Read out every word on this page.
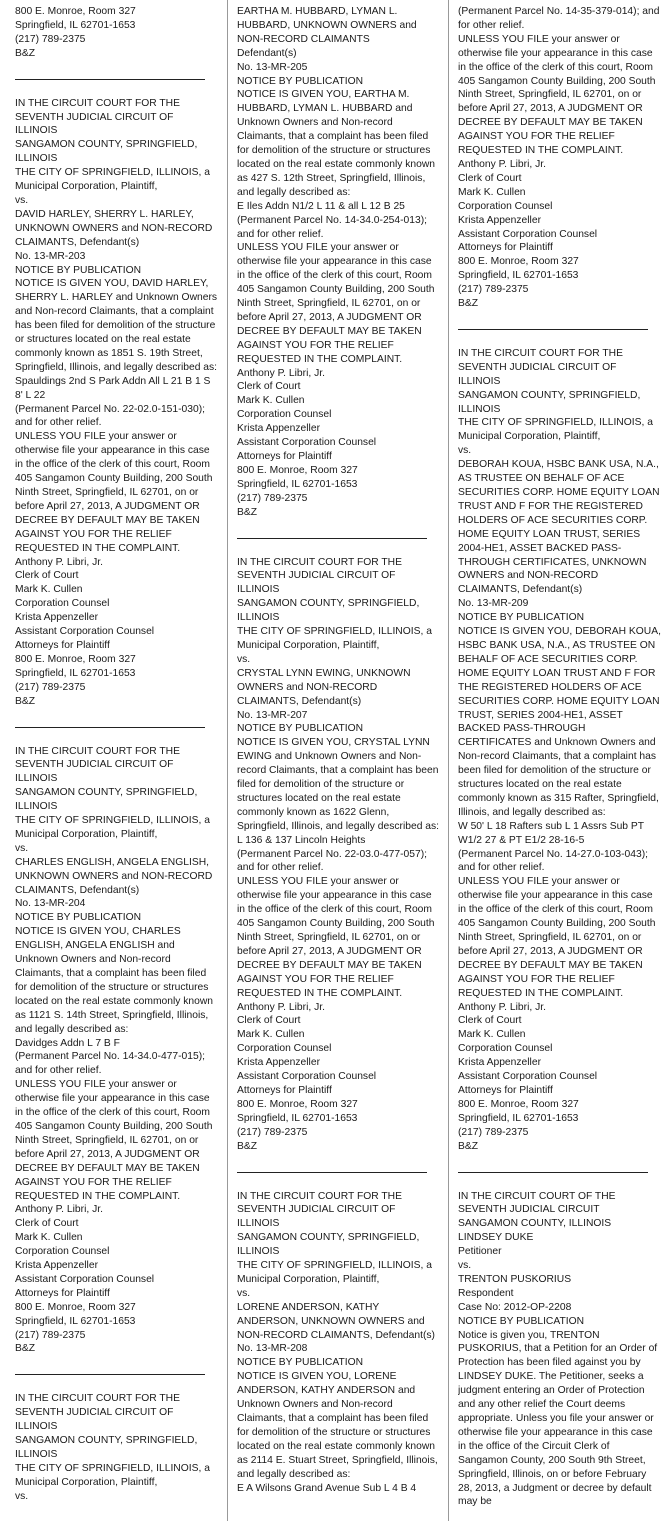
800 E. Monroe, Room 327

Springfield, IL 62701-1653

(217) 789-2375

B&Z

IN THE CIRCUIT COURT FOR THE SEVENTH JUDICIAL CIRCUIT OF ILLINOIS

SANGAMON COUNTY, SPRINGFIELD, ILLINOIS

THE CITY OF SPRINGFIELD, ILLINOIS, a Municipal Corporation, Plaintiff,

vs.

DAVID HARLEY, SHERRY L. HARLEY, UNKNOWN OWNERS and NON-RECORD CLAIMANTS, Defendant(s)

No. 13-MR-203

NOTICE BY PUBLICATION

NOTICE IS GIVEN YOU, DAVID HARLEY, SHERRY L. HARLEY and Unknown Owners and Non-record Claimants, that a complaint has been filed for demolition of the structure or structures located on the real estate commonly known as 1851 S. 19th Street, Springfield, Illinois, and legally described as:

Spauldings 2nd S Park Addn All L 21 B 1 S 8' L 22

(Permanent Parcel No. 22-02.0-151-030); and for other relief.

UNLESS YOU FILE your answer or otherwise file your appearance in this case in the office of the clerk of this court, Room 405 Sangamon County Building, 200 South Ninth Street, Springfield, IL 62701, on or before April 27, 2013, A JUDGMENT OR DECREE BY DEFAULT MAY BE TAKEN AGAINST YOU FOR THE RELIEF REQUESTED IN THE COMPLAINT.

Anthony P. Libri, Jr.

Clerk of Court

Mark K. Cullen

Corporation Counsel

Krista Appenzeller

Assistant Corporation Counsel

Attorneys for Plaintiff

800 E. Monroe, Room 327

Springfield, IL 62701-1653

(217) 789-2375

B&Z

IN THE CIRCUIT COURT FOR THE SEVENTH JUDICIAL CIRCUIT OF ILLINOIS

SANGAMON COUNTY, SPRINGFIELD, ILLINOIS

THE CITY OF SPRINGFIELD, ILLINOIS, a Municipal Corporation, Plaintiff,

vs.

CHARLES ENGLISH, ANGELA ENGLISH, UNKNOWN OWNERS and NON-RECORD CLAIMANTS, Defendant(s)

No. 13-MR-204

NOTICE BY PUBLICATION

NOTICE IS GIVEN YOU, CHARLES ENGLISH, ANGELA ENGLISH and Unknown Owners and Non-record Claimants, that a complaint has been filed for demolition of the structure or structures located on the real estate commonly known as 1121 S. 14th Street, Springfield, Illinois, and legally described as:

Davidges Addn L 7 B F

(Permanent Parcel No. 14-34.0-477-015); and for other relief.

UNLESS YOU FILE your answer or otherwise file your appearance in this case in the office of the clerk of this court, Room 405 Sangamon County Building, 200 South Ninth Street, Springfield, IL 62701, on or before April 27, 2013, A JUDGMENT OR DECREE BY DEFAULT MAY BE TAKEN AGAINST YOU FOR THE RELIEF REQUESTED IN THE COMPLAINT.

Anthony P. Libri, Jr.

Clerk of Court

Mark K. Cullen

Corporation Counsel

Krista Appenzeller

Assistant Corporation Counsel

Attorneys for Plaintiff

800 E. Monroe, Room 327

Springfield, IL 62701-1653

(217) 789-2375

B&Z

IN THE CIRCUIT COURT FOR THE SEVENTH JUDICIAL CIRCUIT OF ILLINOIS

SANGAMON COUNTY, SPRINGFIELD, ILLINOIS

THE CITY OF SPRINGFIELD, ILLINOIS, a Municipal Corporation, Plaintiff,

vs.

EARTHA M. HUBBARD, LYMAN L. HUBBARD, UNKNOWN OWNERS and NON-RECORD CLAIMANTS

Defendant(s)

No. 13-MR-205

NOTICE BY PUBLICATION

NOTICE IS GIVEN YOU, EARTHA M. HUBBARD, LYMAN L. HUBBARD and Unknown Owners and Non-record Claimants, that a complaint has been filed for demolition of the structure or structures located on the real estate commonly known as 427 S. 12th Street, Springfield, Illinois, and legally described as:

E Iles Addn N1/2 L 11 & all L 12 B 25

(Permanent Parcel No. 14-34.0-254-013); and for other relief.

UNLESS YOU FILE your answer or otherwise file your appearance in this case in the office of the clerk of this court, Room 405 Sangamon County Building, 200 South Ninth Street, Springfield, IL 62701, on or before April 27, 2013, A JUDGMENT OR DECREE BY DEFAULT MAY BE TAKEN AGAINST YOU FOR THE RELIEF REQUESTED IN THE COMPLAINT.

Anthony P. Libri, Jr.

Clerk of Court

Mark K. Cullen

Corporation Counsel

Krista Appenzeller

Assistant Corporation Counsel

Attorneys for Plaintiff

800 E. Monroe, Room 327

Springfield, IL 62701-1653

(217) 789-2375

B&Z

IN THE CIRCUIT COURT FOR THE SEVENTH JUDICIAL CIRCUIT OF ILLINOIS

SANGAMON COUNTY, SPRINGFIELD, ILLINOIS

THE CITY OF SPRINGFIELD, ILLINOIS, a Municipal Corporation, Plaintiff,

vs.

CRYSTAL LYNN EWING, UNKNOWN OWNERS and NON-RECORD CLAIMANTS, Defendant(s)

No. 13-MR-207

NOTICE BY PUBLICATION

NOTICE IS GIVEN YOU, CRYSTAL LYNN EWING and Unknown Owners and Non-record Claimants, that a complaint has been filed for demolition of the structure or structures located on the real estate commonly known as 1622 Glenn, Springfield, Illinois, and legally described as:

L 136 & 137 Lincoln Heights

(Permanent Parcel No. 22-03.0-477-057); and for other relief.

UNLESS YOU FILE your answer or otherwise file your appearance in this case in the office of the clerk of this court, Room 405 Sangamon County Building, 200 South Ninth Street, Springfield, IL 62701, on or before April 27, 2013, A JUDGMENT OR DECREE BY DEFAULT MAY BE TAKEN AGAINST YOU FOR THE RELIEF REQUESTED IN THE COMPLAINT.

Anthony P. Libri, Jr.

Clerk of Court

Mark K. Cullen

Corporation Counsel

Krista Appenzeller

Assistant Corporation Counsel

Attorneys for Plaintiff

800 E. Monroe, Room 327

Springfield, IL 62701-1653

(217) 789-2375

B&Z

IN THE CIRCUIT COURT FOR THE SEVENTH JUDICIAL CIRCUIT OF ILLINOIS

SANGAMON COUNTY, SPRINGFIELD, ILLINOIS

THE CITY OF SPRINGFIELD, ILLINOIS, a Municipal Corporation, Plaintiff,

vs.

LORENE ANDERSON, KATHY ANDERSON, UNKNOWN OWNERS and NON-RECORD CLAIMANTS, Defendant(s)

No. 13-MR-208

NOTICE BY PUBLICATION

NOTICE IS GIVEN YOU, LORENE ANDERSON, KATHY ANDERSON and Unknown Owners and Non-record Claimants, that a complaint has been filed for demolition of the structure or structures located on the real estate commonly known as 2114 E. Stuart Street, Springfield, Illinois, and legally described as:

E A Wilsons Grand Avenue Sub L 4 B 4

(Permanent Parcel No. 14-35-379-014); and for other relief.

UNLESS YOU FILE your answer or otherwise file your appearance in this case in the office of the clerk of this court, Room 405 Sangamon County Building, 200 South Ninth Street, Springfield, IL 62701, on or before April 27, 2013, A JUDGMENT OR DECREE BY DEFAULT MAY BE TAKEN AGAINST YOU FOR THE RELIEF REQUESTED IN THE COMPLAINT.

Anthony P. Libri, Jr.

Clerk of Court

Mark K. Cullen

Corporation Counsel

Krista Appenzeller

Assistant Corporation Counsel

Attorneys for Plaintiff

800 E. Monroe, Room 327

Springfield, IL 62701-1653

(217) 789-2375

B&Z

IN THE CIRCUIT COURT FOR THE SEVENTH JUDICIAL CIRCUIT OF ILLINOIS

SANGAMON COUNTY, SPRINGFIELD, ILLINOIS

THE CITY OF SPRINGFIELD, ILLINOIS, a Municipal Corporation, Plaintiff,

vs.

DEBORAH KOUA, HSBC BANK USA, N.A., AS TRUSTEE ON BEHALF OF ACE SECURITIES CORP. HOME EQUITY LOAN TRUST AND F FOR THE REGISTERED HOLDERS OF ACE SECURITIES CORP. HOME EQUITY LOAN TRUST, SERIES 2004-HE1, ASSET BACKED PASS-THROUGH CERTIFICATES, UNKNOWN OWNERS and NON-RECORD CLAIMANTS, Defendant(s)

No. 13-MR-209

NOTICE BY PUBLICATION

NOTICE IS GIVEN YOU, DEBORAH KOUA, HSBC BANK USA, N.A., AS TRUSTEE ON BEHALF OF ACE SECURITIES CORP. HOME EQUITY LOAN TRUST AND F FOR THE REGISTERED HOLDERS OF ACE SECURITIES CORP. HOME EQUITY LOAN TRUST, SERIES 2004-HE1, ASSET BACKED PASS-THROUGH CERTIFICATES and Unknown Owners and Non-record Claimants, that a complaint has been filed for demolition of the structure or structures located on the real estate commonly known as 315 Rafter, Springfield, Illinois, and legally described as:

W 50' L 18 Rafters sub L 1 Assrs Sub PT W1/2 27 & PT E1/2 28-16-5

(Permanent Parcel No. 14-27.0-103-043); and for other relief.

UNLESS YOU FILE your answer or otherwise file your appearance in this case in the office of the clerk of this court, Room 405 Sangamon County Building, 200 South Ninth Street, Springfield, IL 62701, on or before April 27, 2013, A JUDGMENT OR DECREE BY DEFAULT MAY BE TAKEN AGAINST YOU FOR THE RELIEF REQUESTED IN THE COMPLAINT.

Anthony P. Libri, Jr.

Clerk of Court

Mark K. Cullen

Corporation Counsel

Krista Appenzeller

Assistant Corporation Counsel

Attorneys for Plaintiff

800 E. Monroe, Room 327

Springfield, IL 62701-1653

(217) 789-2375

B&Z

IN THE CIRCUIT COURT OF THE SEVENTH JUDICIAL CIRCUIT

SANGAMON COUNTY, ILLINOIS

LINDSEY DUKE

Petitioner

vs.

TRENTON PUSKORIUS

Respondent

Case No: 2012-OP-2208

NOTICE BY PUBLICATION

Notice is given you, TRENTON PUSKORIUS, that a Petition for an Order of Protection has been filed against you by LINDSEY DUKE. The Petitioner, seeks a judgment entering an Order of Protection and any other relief the Court deems appropriate. Unless you file your answer or otherwise file your appearance in this case in the office of the Circuit Clerk of Sangamon County, 200 South 9th Street, Springfield, Illinois, on or before February 28, 2013, a Judgment or decree by default may be
